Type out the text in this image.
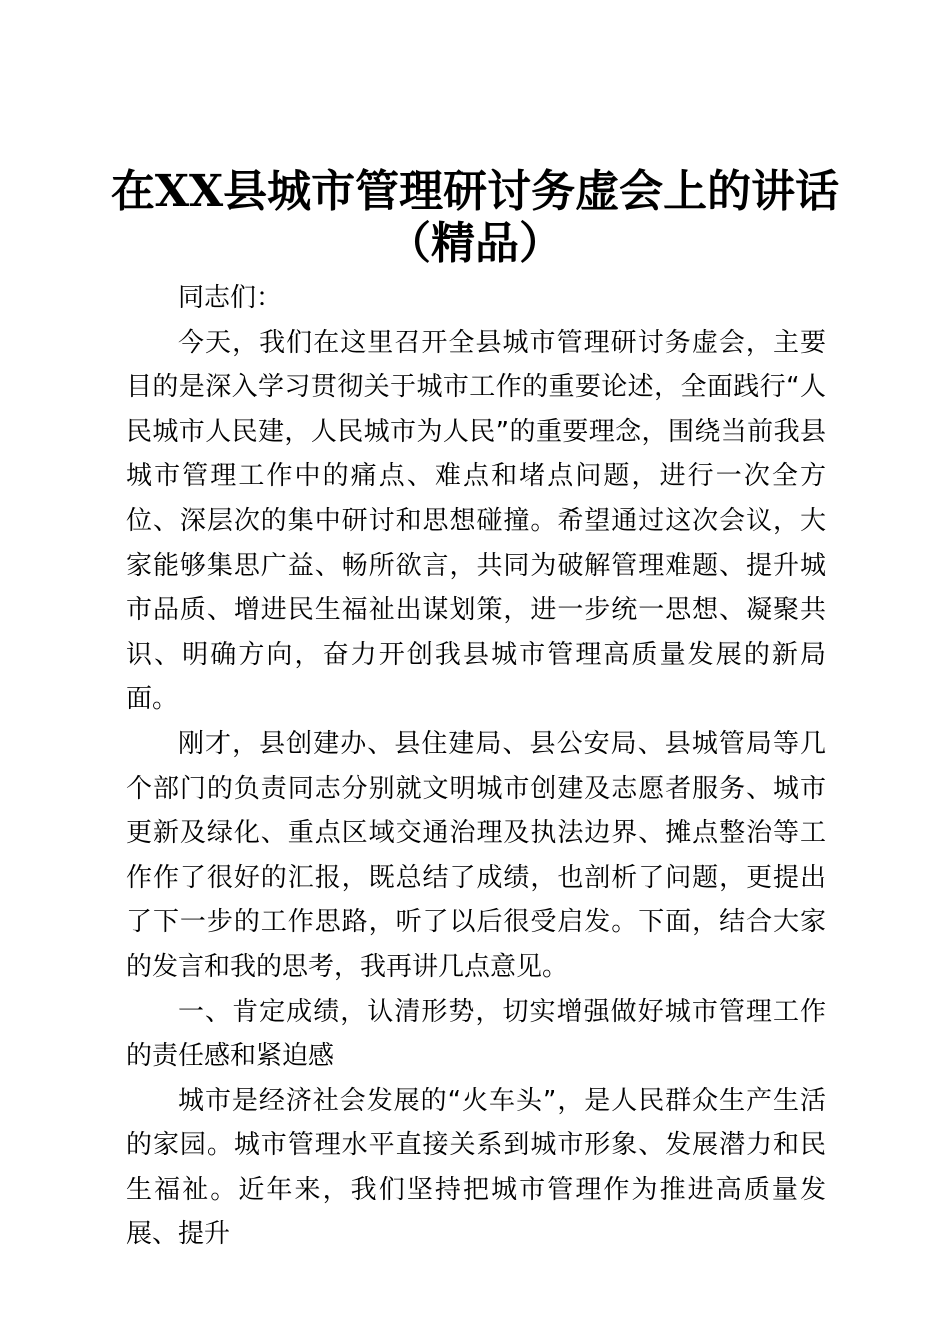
在XX县城市管理研讨务虚会上的讲话（精品）

同志们：

今天，我们在这里召开全县城市管理研讨务虚会，主要目的是深入学习贯彻关于城市工作的重要论述，全面践行“人民城市人民建，人民城市为人民”的重要理念，围绕当前我县城市管理工作中的痛点、难点和堵点问题，进行一次全方位、深层次的集中研讨和思想碰撞。希望通过这次会议，大家能够集思广益、畅所欲言，共同为破解管理难题、提升城市品质、增进民生福祉出谋划策，进一步统一思想、凝聚共识、明确方向，奋力开创我县城市管理高质量发展的新局面。

刚才，县创建办、县住建局、县公安局、县城管局等几个部门的负责同志分别就文明城市创建及志愿者服务、城市更新及绿化、重点区域交通治理及执法边界、摊点整治等工作作了很好的汇报，既总结了成绩，也剖析了问题，更提出了下一步的工作思路，听了以后很受启发。下面，结合大家的发言和我的思考，我再讲几点意见。

一、肯定成绩，认清形势，切实增强做好城市管理工作的责任感和紧迫感

城市是经济社会发展的“火车头”，是人民群众生产生活的家园。城市管理水平直接关系到城市形象、发展潜力和民生福祉。近年来，我们坚持把城市管理作为推进高质量发展、提升
